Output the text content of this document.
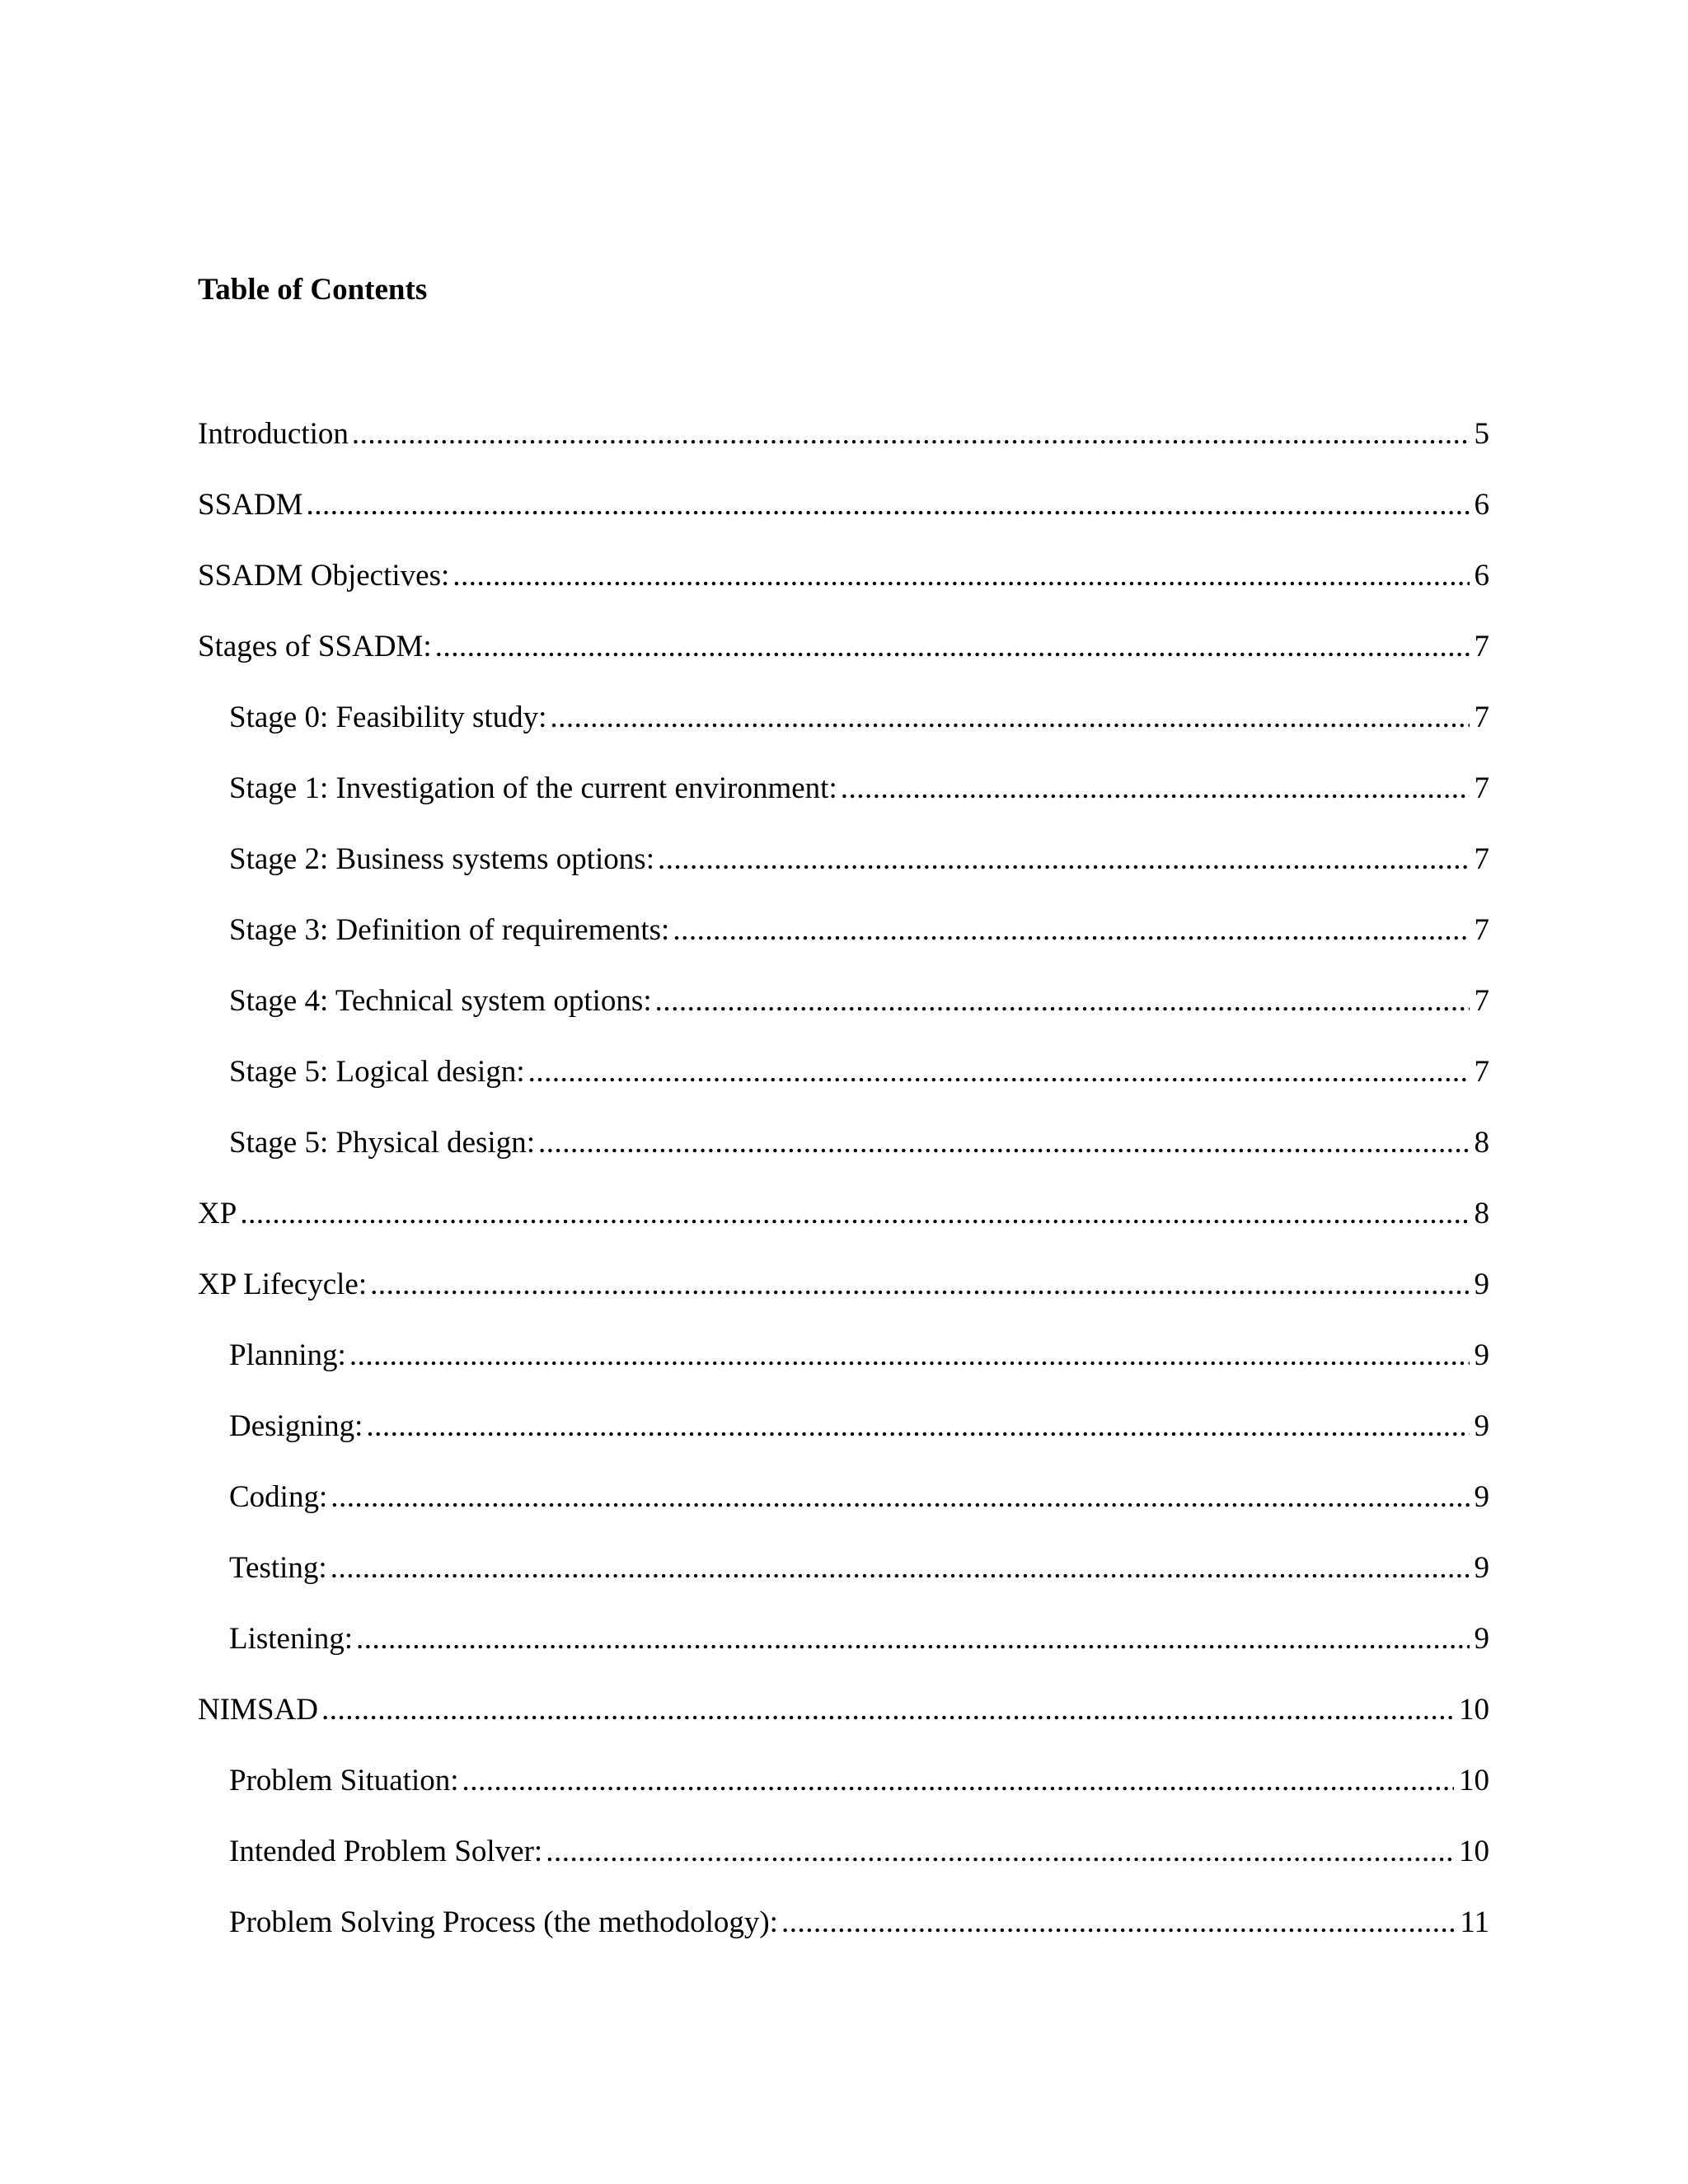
Table of Contents
Introduction .....	5
SSADM .....	6
SSADM Objectives: .....	6
Stages of SSADM: .....	7
Stage 0: Feasibility study: .....	7
Stage 1: Investigation of the current environment: .....	7
Stage 2: Business systems options: .....	7
Stage 3: Definition of requirements: .....	7
Stage 4: Technical system options: .....	7
Stage 5: Logical design: .....	7
Stage 5: Physical design: .....	8
XP .....	8
XP Lifecycle: .....	9
Planning: .....	9
Designing: .....	9
Coding: .....	9
Testing: .....	9
Listening: .....	9
NIMSAD .....	10
Problem Situation: .....	10
Intended Problem Solver: .....	10
Problem Solving Process (the methodology): .....	11
